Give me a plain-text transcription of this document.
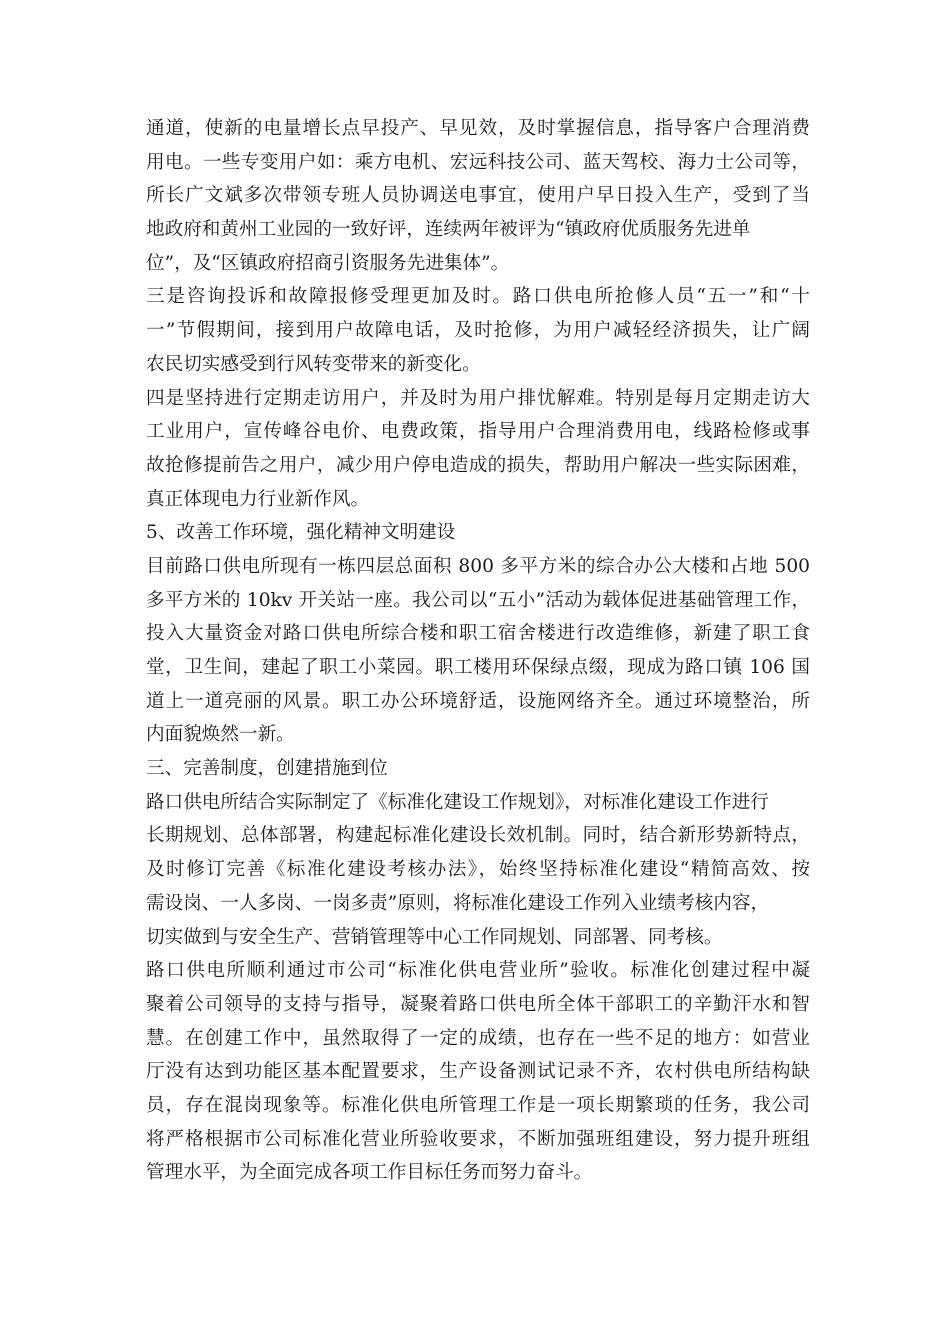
通道，使新的电量增长点早投产、早见效，及时掌握信息，指导客户合理消费
用电。一些专变用户如：乘方电机、宏远科技公司、蓝天驾校、海力士公司等，
所长广文斌多次带领专班人员协调送电事宜，使用户早日投入生产，受到了当
地政府和黄州工业园的一致好评，连续两年被评为“镇政府优质服务先进单
位”，及“区镇政府招商引资服务先进集体”。
三是咨询投诉和故障报修受理更加及时。路口供电所抢修人员“五一”和“十
一”节假期间，接到用户故障电话，及时抢修，为用户减轻经济损失，让广阔
农民切实感受到行风转变带来的新变化。
四是坚持进行定期走访用户，并及时为用户排忧解难。特别是每月定期走访大
工业用户，宣传峰谷电价、电费政策，指导用户合理消费用电，线路检修或事
故抢修提前告之用户，减少用户停电造成的损失，帮助用户解决一些实际困难，
真正体现电力行业新作风。
5、改善工作环境，强化精神文明建设
目前路口供电所现有一栋四层总面积 800 多平方米的综合办公大楼和占地 500
多平方米的 10kv 开关站一座。我公司以“五小”活动为载体促进基础管理工作，
投入大量资金对路口供电所综合楼和职工宿舍楼进行改造维修，新建了职工食
堂，卫生间，建起了职工小菜园。职工楼用环保绿点缀，现成为路口镇 106 国
道上一道亮丽的风景。职工办公环境舒适，设施网络齐全。通过环境整治，所
内面貌焕然一新。
三、完善制度，创建措施到位
路口供电所结合实际制定了《标准化建设工作规划》，对标准化建设工作进行
长期规划、总体部署，构建起标准化建设长效机制。同时，结合新形势新特点，
及时修订完善《标准化建设考核办法》，始终坚持标准化建设“精简高效、按
需设岗、一人多岗、一岗多责”原则，将标准化建设工作列入业绩考核内容，
切实做到与安全生产、营销管理等中心工作同规划、同部署、同考核。
路口供电所顺利通过市公司“标准化供电营业所”验收。标准化创建过程中凝
聚着公司领导的支持与指导，凝聚着路口供电所全体干部职工的辛勤汗水和智
慧。在创建工作中，虽然取得了一定的成绩，也存在一些不足的地方：如营业
厅没有达到功能区基本配置要求，生产设备测试记录不齐，农村供电所结构缺
员，存在混岗现象等。标准化供电所管理工作是一项长期繁琐的任务，我公司
将严格根据市公司标准化营业所验收要求，不断加强班组建设，努力提升班组
管理水平，为全面完成各项工作目标任务而努力奋斗。
